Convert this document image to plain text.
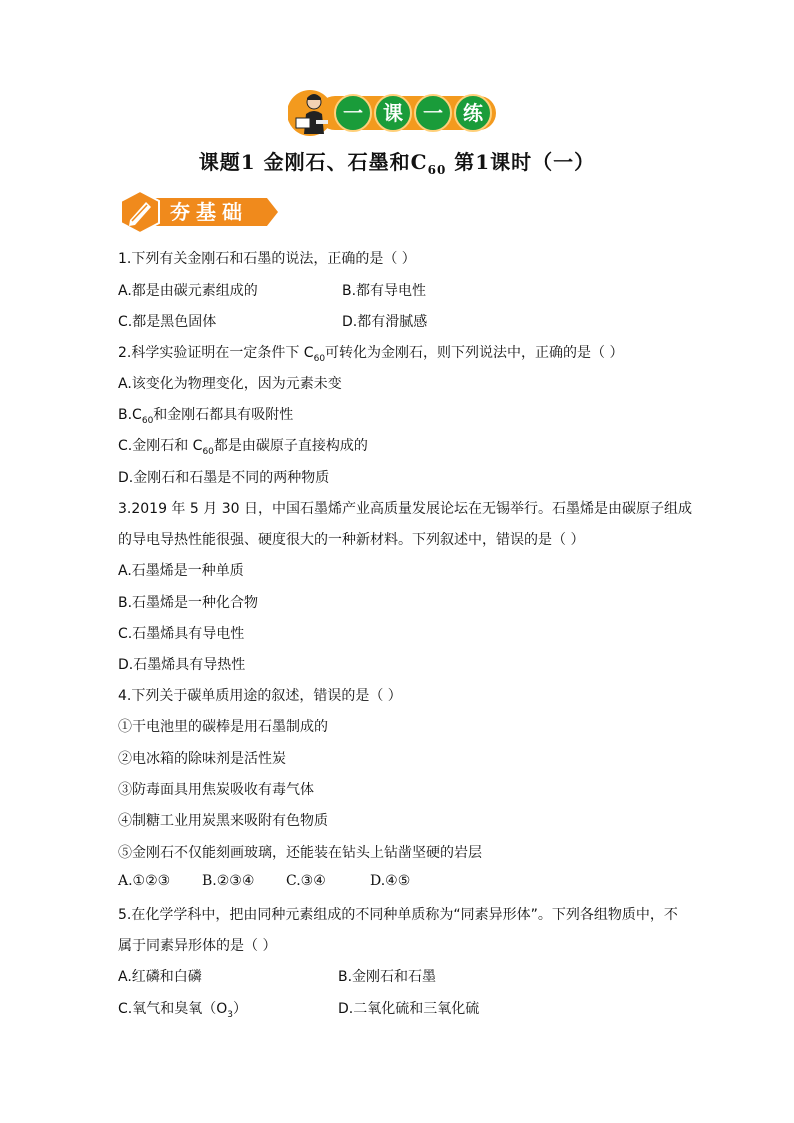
一	课	一	练
课题1 金刚石、石墨和$C_{60}$ 第1课时（一）
夯基础
1.下列有关金刚石和石墨的说法，正确的是（ ）
A.都是由碳元素组成的	B.都有导电性
C.都是黑色固体	D.都有滑腻感
2.科学实验证明在一定条件下 $C_{60}$可转化为金刚石，则下列说法中，正确的是（ ）
A.该变化为物理变化，因为元素未变
$B.C_{60}$和金刚石都具有吸附性
C.金刚石和 $C_{60}$都是由碳原子直接构成的
D.金刚石和石墨是不同的两种物质
3.2019 年 5 月 30 日，中国石墨烯产业高质量发展论坛在无锡举行。石墨烯是由碳原子组成
的导电导热性能很强、硬度很大的一种新材料。下列叙述中，错误的是（ ）
A.石墨烯是一种单质
B.石墨烯是一种化合物
C.石墨烯具有导电性
D.石墨烯具有导热性
4.下列关于碳单质用途的叙述，错误的是（ ）
①干电池里的碳棒是用石墨制成的
②电冰箱的除味剂是活性炭
③防毒面具用焦炭吸收有毒气体
④制糖工业用炭黑来吸附有色物质
⑤金刚石不仅能刻画玻璃，还能装在钻头上钻凿坚硬的岩层
A.①②③ B.②③④ C.③④	D.④⑤
5.在化学学科中，把由同种元素组成的不同种单质称为“同素异形体”。下列各组物质中，不
属于同素异形体的是（ ）
A.红磷和白磷	B.金刚石和石墨
C.氧气和臭氧$(O_3)$	D.二氧化硫和三氧化硫
